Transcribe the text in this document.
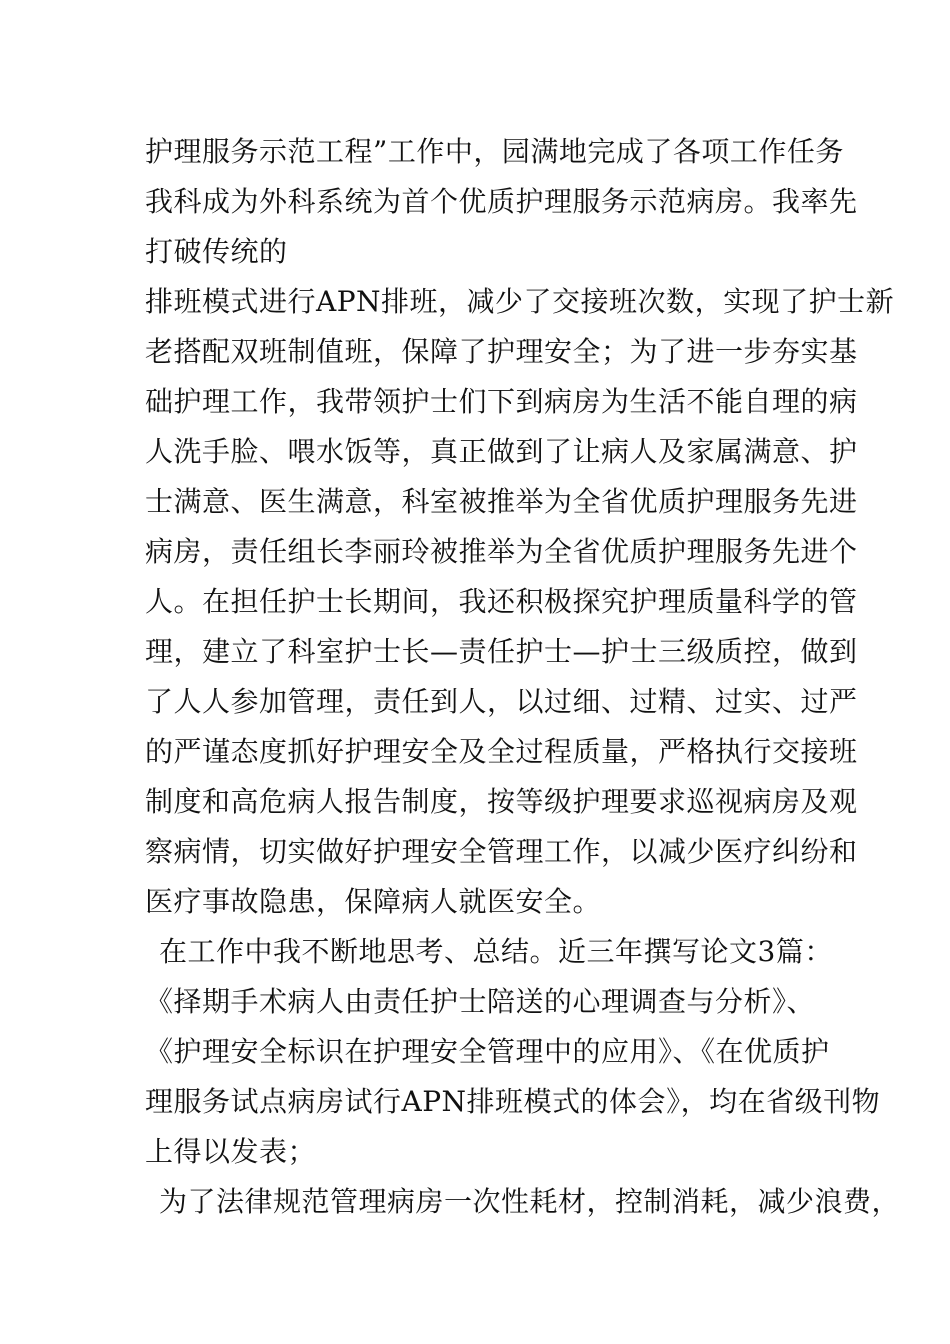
护理服务示范工程”工作中，园满地完成了各项工作任务
我科成为外科系统为首个优质护理服务示范病房。我率先
打破传统的
排班模式进行APN排班，减少了交接班次数，实现了护士新
老搭配双班制值班，保障了护理安全；为了进一步夯实基
础护理工作，我带领护士们下到病房为生活不能自理的病
人洗手脸、喂水饭等，真正做到了让病人及家属满意、护
士满意、医生满意，科室被推举为全省优质护理服务先进
病房，责任组长李丽玲被推举为全省优质护理服务先进个
人。在担任护士长期间，我还积极探究护理质量科学的管
理，建立了科室护士长—责任护士—护士三级质控，做到
了人人参加管理，责任到人，以过细、过精、过实、过严
的严谨态度抓好护理安全及全过程质量，严格执行交接班
制度和高危病人报告制度，按等级护理要求巡视病房及观
察病情，切实做好护理安全管理工作，以减少医疗纠纷和
医疗事故隐患，保障病人就医安全。
在工作中我不断地思考、总结。近三年撰写论文3篇：
《择期手术病人由责任护士陪送的心理调查与分析》、
《护理安全标识在护理安全管理中的应用》、《在优质护
理服务试点病房试行APN排班模式的体会》，均在省级刊物
上得以发表；
为了法律规范管理病房一次性耗材，控制消耗，减少浪费，
